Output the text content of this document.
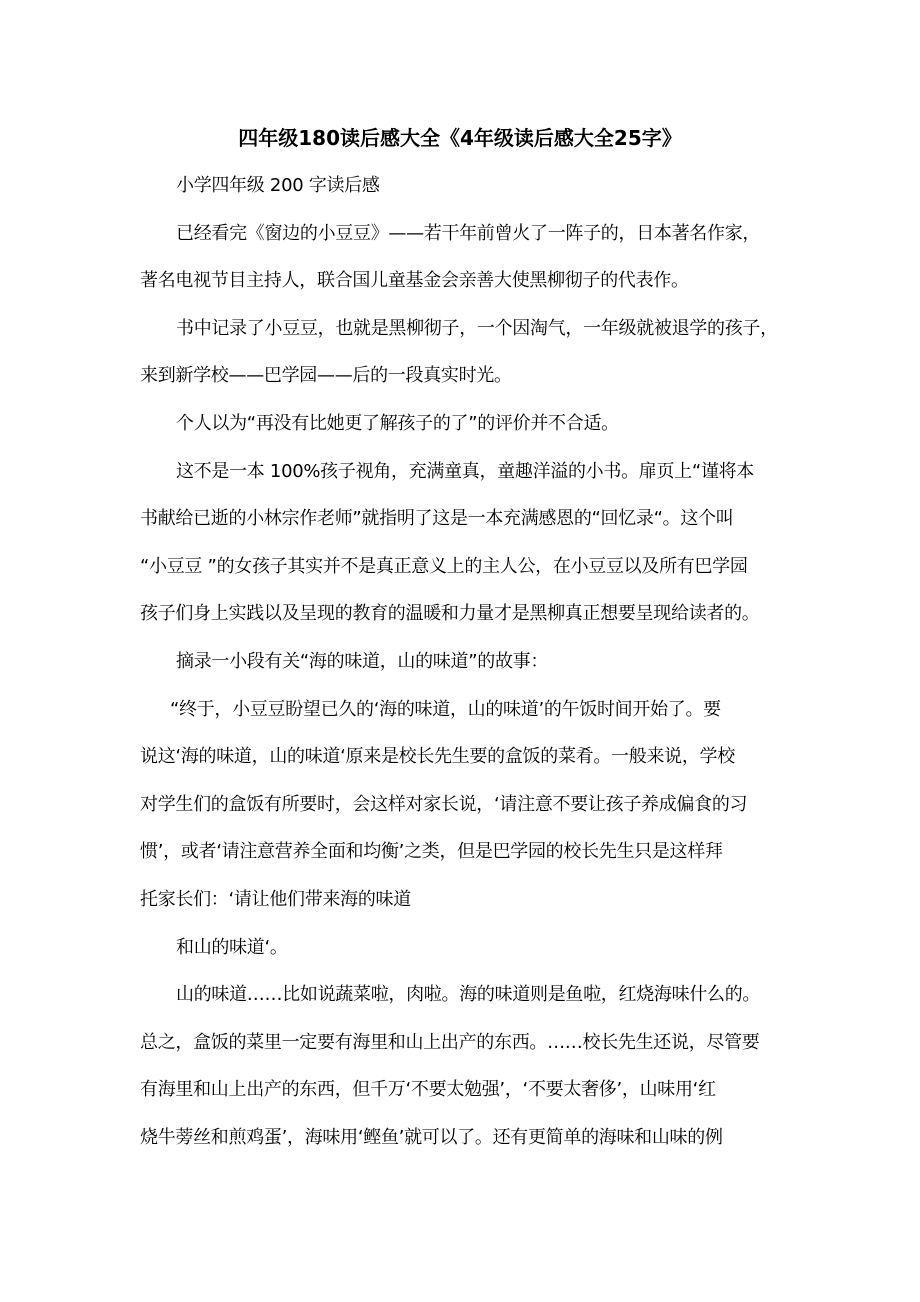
四年级180读后感大全《4年级读后感大全25字》
小学四年级 200 字读后感
已经看完《窗边的小豆豆》——若干年前曾火了一阵子的，日本著名作家，
著名电视节目主持人，联合国儿童基金会亲善大使黑柳彻子的代表作。
书中记录了小豆豆，也就是黑柳彻子，一个因淘气，一年级就被退学的孩子，
来到新学校——巴学园——后的一段真实时光。
个人以为“再没有比她更了解孩子的了”的评价并不合适。
这不是一本 100%孩子视角，充满童真，童趣洋溢的小书。扉页上“谨将本
书献给已逝的小林宗作老师”就指明了这是一本充满感恩的“回忆录“。这个叫
“小豆豆 ”的女孩子其实并不是真正意义上的主人公，在小豆豆以及所有巴学园
孩子们身上实践以及呈现的教育的温暖和力量才是黑柳真正想要呈现给读者的。
摘录一小段有关“海的味道，山的味道”的故事：
“终于，小豆豆盼望已久的‘海的味道，山的味道’的午饭时间开始了。要
说这‘海的味道，山的味道‘原来是校长先生要的盒饭的菜肴。一般来说，学校
对学生们的盒饭有所要时，会这样对家长说，‘请注意不要让孩子养成偏食的习
惯’，或者‘请注意营养全面和均衡’之类，但是巴学园的校长先生只是这样拜
托家长们：‘请让他们带来海的味道
和山的味道‘。
山的味道……比如说蔬菜啦，肉啦。海的味道则是鱼啦，红烧海味什么的。
总之，盒饭的菜里一定要有海里和山上出产的东西。……校长先生还说，尽管要
有海里和山上出产的东西，但千万‘不要太勉强’，‘不要太奢侈’，山味用‘红
烧牛蒡丝和煎鸡蛋’，海味用‘鲣鱼’就可以了。还有更简单的海味和山味的例
